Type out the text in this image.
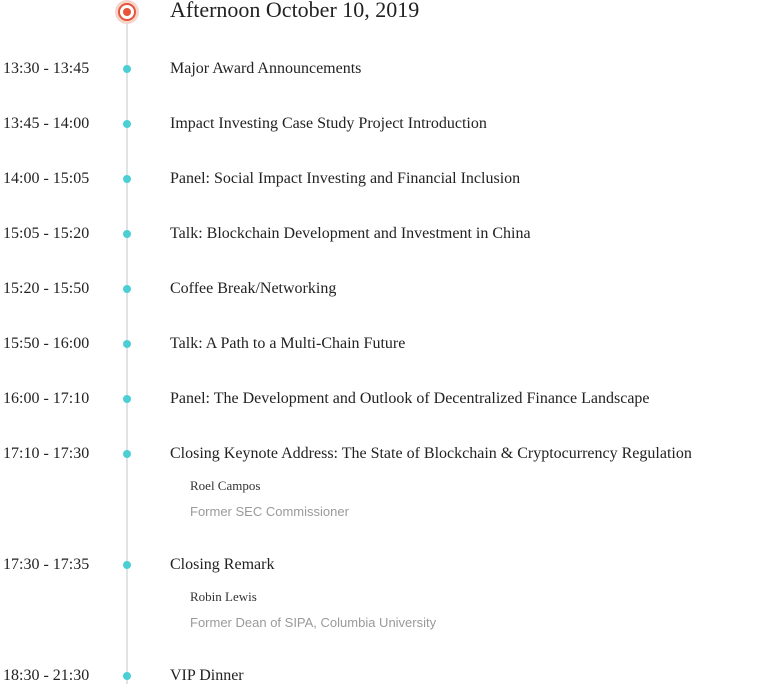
Afternoon October 10, 2019
13:30 - 13:45	Major Award Announcements
13:45 - 14:00	Impact Investing Case Study Project Introduction
14:00 - 15:05	Panel: Social Impact Investing and Financial Inclusion
15:05 - 15:20	Talk: Blockchain Development and Investment in China
15:20 - 15:50	Coffee Break/Networking
15:50 - 16:00	Talk: A Path to a Multi-Chain Future
16:00 - 17:10	Panel: The Development and Outlook of Decentralized Finance Landscape
17:10 - 17:30	Closing Keynote Address: The State of Blockchain & Cryptocurrency Regulation
Roel Campos
Former SEC Commissioner
17:30 - 17:35	Closing Remark
Robin Lewis
Former Dean of SIPA, Columbia University
18:30 - 21:30	VIP Dinner
